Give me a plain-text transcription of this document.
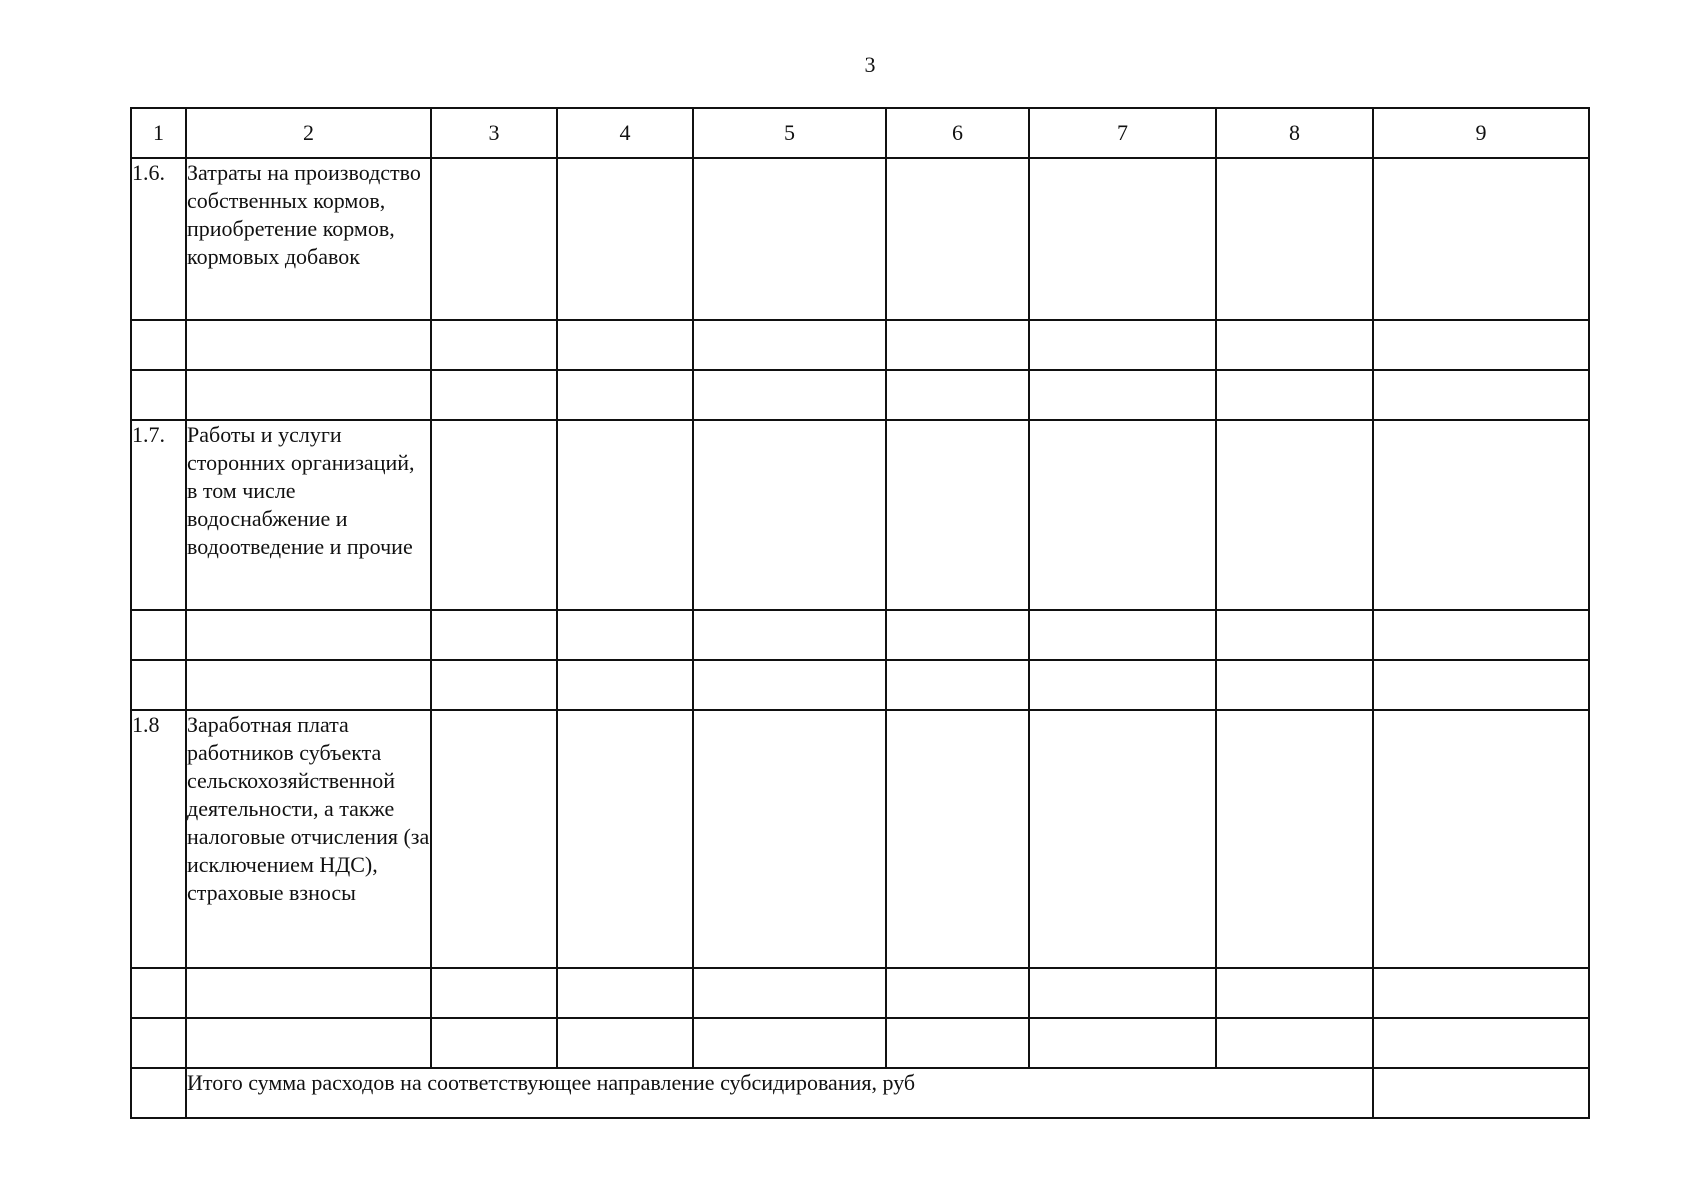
3
1	2	3	4	5	6	7	8	9
1.6.	Затраты на производство собственных кормов, приобретение кормов, кормовых добавок							

1.7.	Работы и услуги сторонних организаций, в том числе водоснабжение и водоотведение и прочие							

1.8	Заработная плата работников субъекта сельскохозяйственной деятельности, а также налоговые отчисления (за исключением НДС), страховые взносы							

	Итого сумма расходов на соответствующее направление субсидирования, руб							
